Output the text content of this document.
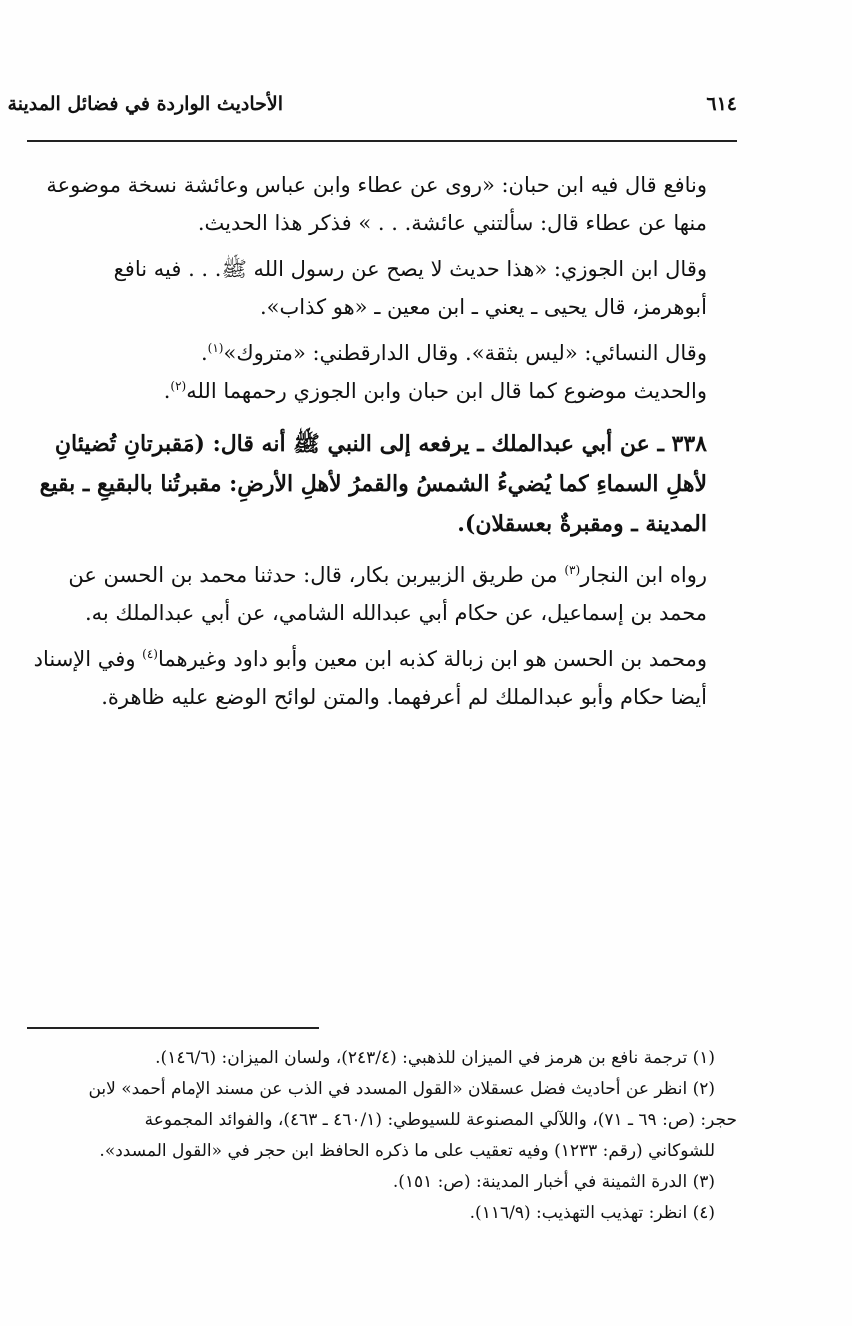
٦١٤
الأحاديث الواردة في فضائل المدينة

ونافع قال فيه ابن حبان: «روى عن عطاء وابن عباس وعائشة نسخة موضوعة
منها عن عطاء قال: سألتني عائشة. . . » فذكر هذا الحديث.

وقال ابن الجوزي: «هذا حديث لا يصح عن رسول الله ﷺ. . . فيه نافع
أبوهرمز، قال يحيى ـ يعني ـ ابن معين ـ «هو كذاب».

وقال النسائي: «ليس بثقة». وقال الدارقطني: «متروك»$^{(١)}$.

والحديث موضوع كما قال ابن حبان وابن الجوزي رحمهما الله$^{(٢)}$.

٣٣٨ ـ عن أبي عبدالملك ـ يرفعه إلى النبي ﷺ أنه قال: (مَقبرتانِ تُضيئانِ
لأهلِ السماءِ كما يُضيءُ الشمسُ والقمرُ لأهلِ الأرضِ: مقبرتُنا بالبقيعِ ـ بقيع
المدينة ـ ومقبرةٌ بعسقلان).

رواه ابن النجار$^{(٣)}$ من طريق الزبيربن بكار، قال: حدثنا محمد بن الحسن عن
محمد بن إسماعيل، عن حكام أبي عبدالله الشامي، عن أبي عبدالملك به.

ومحمد بن الحسن هو ابن زبالة كذبه ابن معين وأبو داود وغيرهما$^{(٤)}$ وفي الإسناد
أيضا حكام وأبو عبدالملك لم أعرفهما. والمتن لوائح الوضع عليه ظاهرة.

(١) ترجمة نافع بن هرمز في الميزان للذهبي: (٢٤٣/٤)، ولسان الميزان: (١٤٦/٦).

(٢) انظر عن أحاديث فضل عسقلان «القول المسدد في الذب عن مسند الإمام أحمد» لابن
حجر: (ص: ٦٩ ـ ٧١)، واللآلي المصنوعة للسيوطي: (٤٦٠/١ ـ ٤٦٣)، والفوائد المجموعة
للشوكاني (رقم: ١٢٣٣) وفيه تعقيب على ما ذكره الحافظ ابن حجر في «القول المسدد».

(٣) الدرة الثمينة في أخبار المدينة: (ص: ١٥١).

(٤) انظر: تهذيب التهذيب: (١١٦/٩).
